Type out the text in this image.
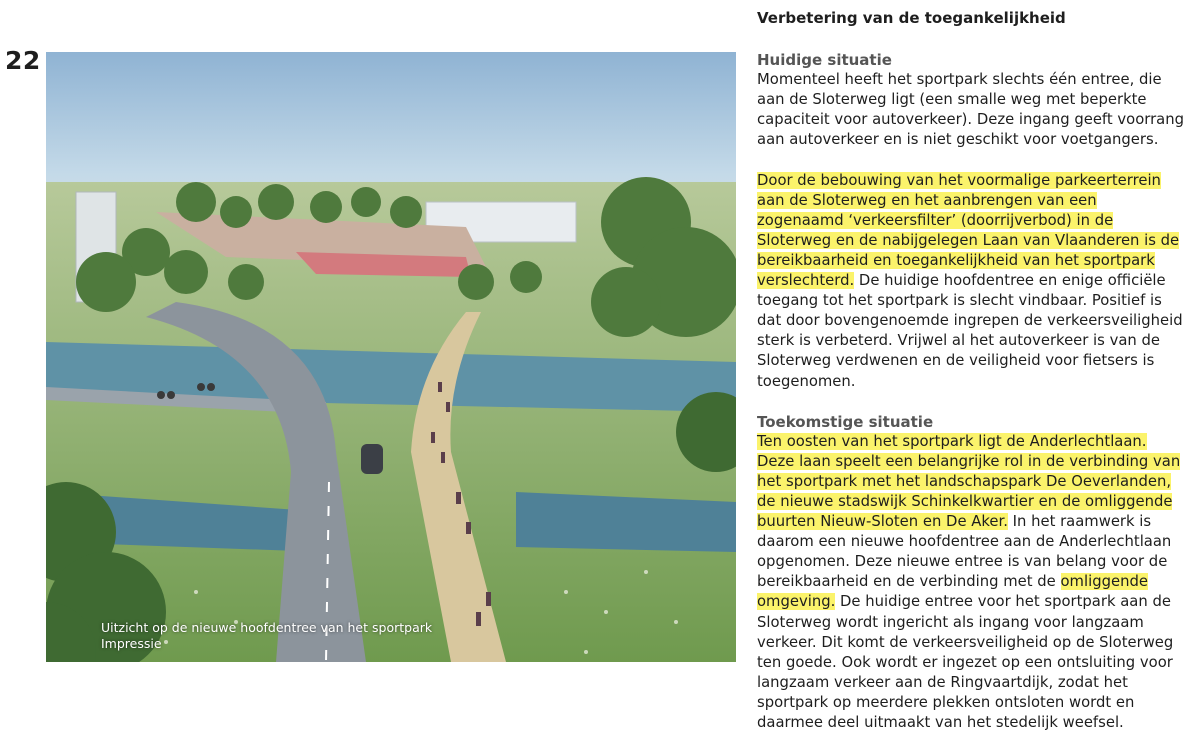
22
Uitzicht op de nieuwe hoofdentree van het sportpark
Impressie
Verbetering van de toegankelijkheid
Huidige situatie

Momenteel heeft het sportpark slechts één entree, die aan de Sloterweg ligt (een smalle weg met beperkte capaciteit voor autoverkeer). Deze ingang geeft voorrang aan autoverkeer en is niet geschikt voor voetgangers.

Door de bebouwing van het voormalige parkeerterrein aan de Sloterweg en het aanbrengen van een zogenaamd ‘verkeersfilter’ (doorrijverbod) in de Sloterweg en de nabijgelegen Laan van Vlaanderen is de bereikbaarheid en toegankelijkheid van het sportpark verslechterd. De huidige hoofdentree en enige officiële toegang tot het sportpark is slecht vindbaar. Positief is dat door bovengenoemde ingrepen de verkeersveiligheid sterk is verbeterd. Vrijwel al het autoverkeer is van de Sloterweg verdwenen en de veiligheid voor fietsers is toegenomen.

Toekomstige situatie

Ten oosten van het sportpark ligt de Anderlechtlaan. Deze laan speelt een belangrijke rol in de verbinding van het sportpark met het landschapspark De Oeverlanden, de nieuwe stadswijk Schinkelkwartier en de omliggende buurten Nieuw-Sloten en De Aker. In het raamwerk is daarom een nieuwe hoofdentree aan de Anderlechtlaan opgenomen. Deze nieuwe entree is van belang voor de bereikbaarheid en de verbinding met de omliggende omgeving. De huidige entree voor het sportpark aan de Sloterweg wordt ingericht als ingang voor langzaam verkeer. Dit komt de verkeersveiligheid op de Sloterweg ten goede. Ook wordt er ingezet op een ontsluiting voor langzaam verkeer aan de Ringvaartdijk, zodat het sportpark op meerdere plekken ontsloten wordt en daarmee deel uitmaakt van het stedelijk weefsel.
